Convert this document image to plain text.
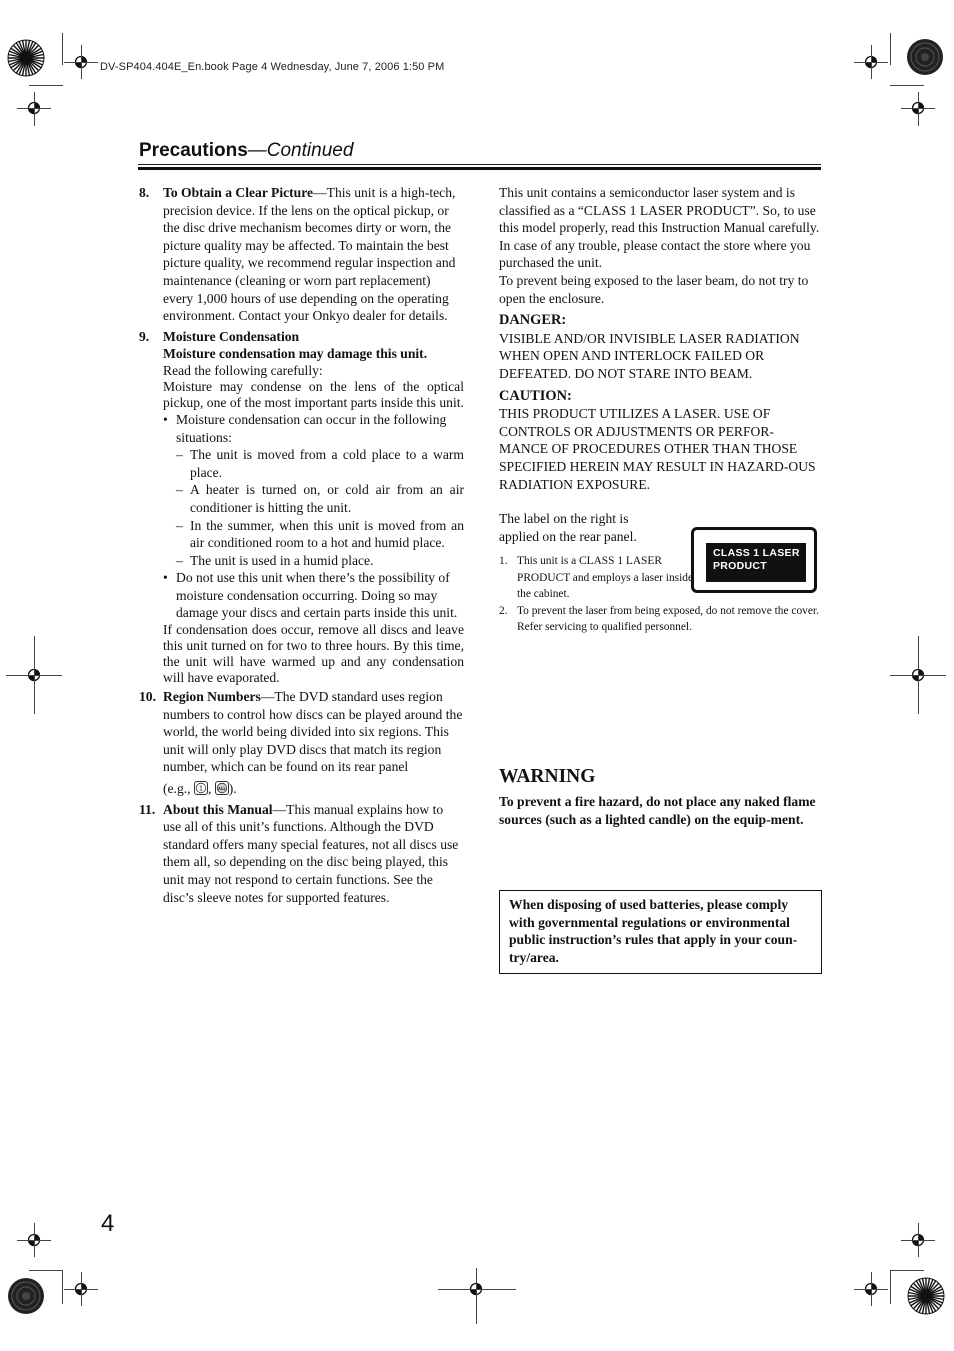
DV-SP404.404E_En.book Page 4 Wednesday, June 7, 2006 1:50 PM
Precautions—Continued
8.	To Obtain a Clear Picture—This unit is a high-tech, precision device. If the lens on the optical pickup, or the disc drive mechanism becomes dirty or worn, the picture quality may be affected. To maintain the best picture quality, we recommend regular inspection and maintenance (cleaning or worn part replacement) every 1,000 hours of use depending on the operating environment. Contact your Onkyo dealer for details.
9.	Moisture Condensation
Moisture condensation may damage this unit.
Read the following carefully:
Moisture may condense on the lens of the optical pickup, one of the most important parts inside this unit.
• Moisture condensation can occur in the following situations:
– The unit is moved from a cold place to a warm place.
– A heater is turned on, or cold air from an air conditioner is hitting the unit.
– In the summer, when this unit is moved from an air conditioned room to a hot and humid place.
– The unit is used in a humid place.
• Do not use this unit when there’s the possibility of moisture condensation occurring. Doing so may damage your discs and certain parts inside this unit.
If condensation does occur, remove all discs and leave this unit turned on for two to three hours. By this time, the unit will have warmed up and any condensation will have evaporated.
10. Region Numbers—The DVD standard uses region numbers to control how discs can be played around the world, the world being divided into six regions. This unit will only play DVD discs that match its region number, which can be found on its rear panel
(e.g., 1 , ALL ).
11. About this Manual—This manual explains how to use all of this unit’s functions. Although the DVD standard offers many special features, not all discs use them all, so depending on the disc being played, this unit may not respond to certain functions. See the disc’s sleeve notes for supported features.
This unit contains a semiconductor laser system and is classified as a “CLASS 1 LASER PRODUCT”. So, to use this model properly, read this Instruction Manual carefully. In case of any trouble, please contact the store where you purchased the unit.
To prevent being exposed to the laser beam, do not try to open the enclosure.
DANGER:
VISIBLE AND/OR INVISIBLE LASER RADIATION WHEN OPEN AND INTERLOCK FAILED OR DEFEATED. DO NOT STARE INTO BEAM.
CAUTION:
THIS PRODUCT UTILIZES A LASER. USE OF CONTROLS OR ADJUSTMENTS OR PERFOR-MANCE OF PROCEDURES OTHER THAN THOSE SPECIFIED HEREIN MAY RESULT IN HAZARD-OUS RADIATION EXPOSURE.
The label on the right is
applied on the rear panel.
1. This unit is a CLASS 1 LASER PRODUCT and employs a laser inside the cabinet.
2. To prevent the laser from being exposed, do not remove the cover. Refer servicing to qualified personnel.
CLASS 1 LASER
PRODUCT
WARNING
To prevent a fire hazard, do not place any naked flame sources (such as a lighted candle) on the equip-ment.
When disposing of used batteries, please comply with governmental regulations or environmental public instruction’s rules that apply in your coun-try/area.
4
